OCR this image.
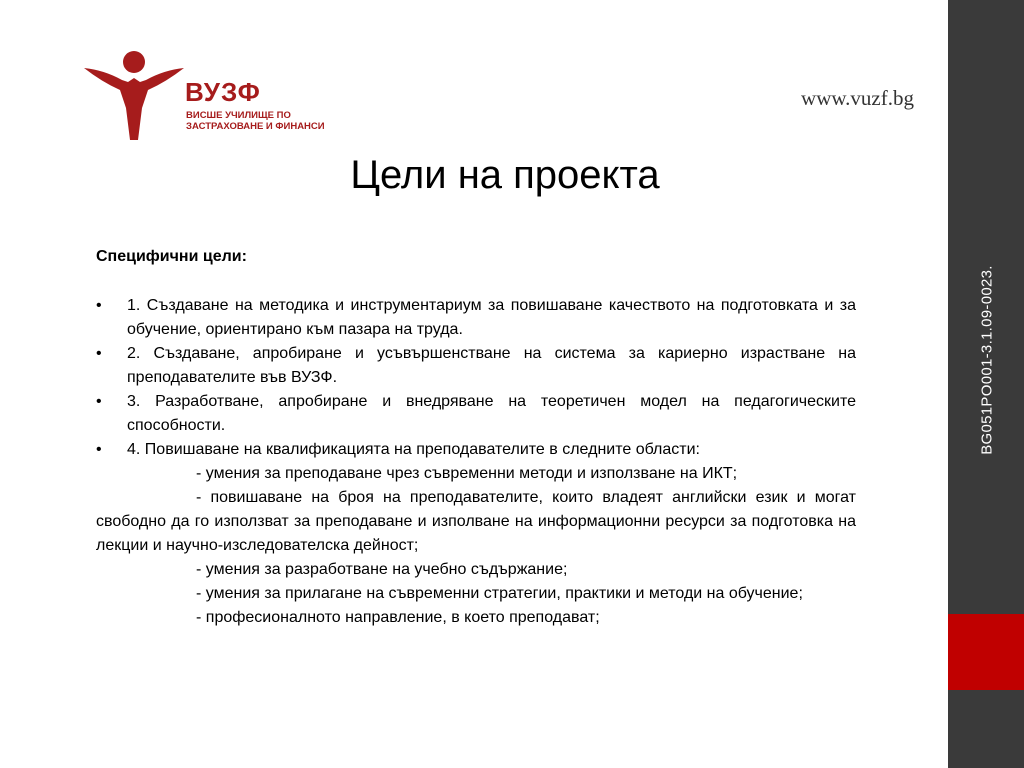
ВУЗФ
ВИСШЕ УЧИЛИЩЕ ПО
ЗАСТРАХОВАНЕ И ФИНАНСИ
www.vuzf.bg
Цели на проекта
Специфични цели:
• 1. Създаване на методика и инструментариум за повишаване качеството на подготовката и за обучение, ориентирано към пазара на труда.
• 2. Създаване, апробиране и усъвършенстване на система за кариерно израстване на преподавателите във ВУЗФ.
• 3. Разработване, апробиране и внедряване на теоретичен модел на педагогическите способности.
• 4. Повишаване на квалификацията на преподавателите в следните области:
- умения за преподаване чрез съвременни методи и използване на ИКТ;
- повишаване на броя на преподавателите, които владеят английски език и могат свободно да го използват за преподаване и изполване на информационни ресурси за подготовка на лекции и научно-изследователска дейност;
- умения за разработване на учебно съдържание;
- умения за прилагане на съвременни стратегии, практики и методи на обучение;
- професионалното направление, в което преподават;
BG051PO001-3.1.09-0023.
